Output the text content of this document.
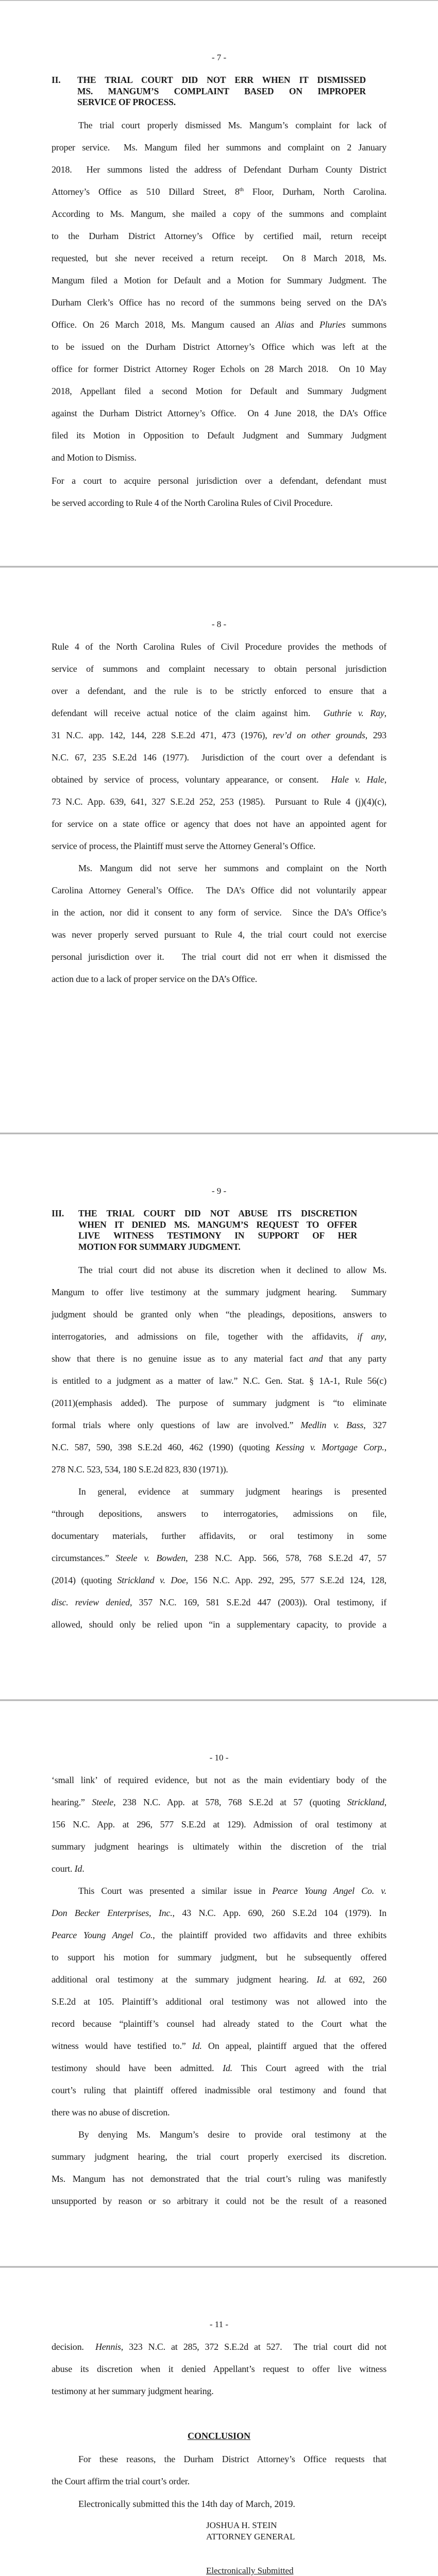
- 7 -
II. THE TRIAL COURT DID NOT ERR WHEN IT DISMISSED
MS. MANGUM’S COMPLAINT BASED ON IMPROPER
SERVICE OF PROCESS.
The trial court properly dismissed Ms. Mangum’s complaint for lack of
proper service.  Ms. Mangum filed her summons and complaint on 2 January
2018.  Her summons listed the address of Defendant Durham County District
Attorney’s Office as 510 Dillard Street, 8th Floor, Durham, North Carolina.
According to Ms. Mangum, she mailed a copy of the summons and complaint
to the Durham District Attorney’s Office by certified mail, return receipt
requested, but she never received a return receipt.  On 8 March 2018, Ms.
Mangum filed a Motion for Default and a Motion for Summary Judgment. The
Durham Clerk’s Office has no record of the summons being served on the DA’s
Office. On 26 March 2018, Ms. Mangum caused an Alias and Pluries summons
to be issued on the Durham District Attorney’s Office which was left at the
office for former District Attorney Roger Echols on 28 March 2018.  On 10 May
2018, Appellant filed a second Motion for Default and Summary Judgment
against the Durham District Attorney’s Office.  On 4 June 2018, the DA’s Office
filed its Motion in Opposition to Default Judgment and Summary Judgment
and Motion to Dismiss.
For a court to acquire personal jurisdiction over a defendant, defendant must
be served according to Rule 4 of the North Carolina Rules of Civil Procedure.
- 8 -
Rule 4 of the North Carolina Rules of Civil Procedure provides the methods of
service of summons and complaint necessary to obtain personal jurisdiction
over a defendant, and the rule is to be strictly enforced to ensure that a
defendant will receive actual notice of the claim against him.  Guthrie v. Ray,
31 N.C. app. 142, 144, 228 S.E.2d 471, 473 (1976), rev’d on other grounds, 293
N.C. 67, 235 S.E.2d 146 (1977).  Jurisdiction of the court over a defendant is
obtained by service of process, voluntary appearance, or consent.  Hale v. Hale,
73 N.C. App. 639, 641, 327 S.E.2d 252, 253 (1985).  Pursuant to Rule 4 (j)(4)(c),
for service on a state office or agency that does not have an appointed agent for
service of process, the Plaintiff must serve the Attorney General’s Office.
Ms. Mangum did not serve her summons and complaint on the North
Carolina Attorney General’s Office.  The DA’s Office did not voluntarily appear
in the action, nor did it consent to any form of service.  Since the DA’s Office’s
was never properly served pursuant to Rule 4, the trial court could not exercise
personal jurisdiction over it.   The trial court did not err when it dismissed the
action due to a lack of proper service on the DA’s Office.
- 9 -
III. THE TRIAL COURT DID NOT ABUSE ITS DISCRETION
WHEN IT DENIED MS. MANGUM’S REQUEST TO OFFER
LIVE WITNESS TESTIMONY IN SUPPORT OF HER
MOTION FOR SUMMARY JUDGMENT.
The trial court did not abuse its discretion when it declined to allow Ms.
Mangum to offer live testimony at the summary judgment hearing.  Summary
judgment should be granted only when “the pleadings, depositions, answers to
interrogatories, and admissions on file, together with the affidavits, if any,
show that there is no genuine issue as to any material fact and that any party
is entitled to a judgment as a matter of law.” N.C. Gen. Stat. § 1A-1, Rule 56(c)
(2011)(emphasis added). The purpose of summary judgment is “to eliminate
formal trials where only questions of law are involved.” Medlin v. Bass, 327
N.C. 587, 590, 398 S.E.2d 460, 462 (1990) (quoting Kessing v. Mortgage Corp.,
278 N.C. 523, 534, 180 S.E.2d 823, 830 (1971)).
In general, evidence at summary judgment hearings is presented
“through depositions, answers to interrogatories, admissions on file,
documentary materials, further affidavits, or oral testimony in some
circumstances.” Steele v. Bowden, 238 N.C. App. 566, 578, 768 S.E.2d 47, 57
(2014) (quoting Strickland v. Doe, 156 N.C. App. 292, 295, 577 S.E.2d 124, 128,
disc. review denied, 357 N.C. 169, 581 S.E.2d 447 (2003)). Oral testimony, if
allowed, should only be relied upon “in a supplementary capacity, to provide a
- 10 -
‘small link’ of required evidence, but not as the main evidentiary body of the
hearing.” Steele, 238 N.C. App. at 578, 768 S.E.2d at 57 (quoting Strickland,
156 N.C. App. at 296, 577 S.E.2d at 129). Admission of oral testimony at
summary judgment hearings is ultimately within the discretion of the trial
court. Id.
This Court was presented a similar issue in Pearce Young Angel Co. v.
Don Becker Enterprises, Inc., 43 N.C. App. 690, 260 S.E.2d 104 (1979). In
Pearce Young Angel Co., the plaintiff provided two affidavits and three exhibits
to support his motion for summary judgment, but he subsequently offered
additional oral testimony at the summary judgment hearing. Id. at 692, 260
S.E.2d at 105. Plaintiff’s additional oral testimony was not allowed into the
record because “plaintiff’s counsel had already stated to the Court what the
witness would have testified to.” Id. On appeal, plaintiff argued that the offered
testimony should have been admitted. Id. This Court agreed with the trial
court’s ruling that plaintiff offered inadmissible oral testimony and found that
there was no abuse of discretion.
By denying Ms. Mangum’s desire to provide oral testimony at the
summary judgment hearing, the trial court properly exercised its discretion.
Ms. Mangum has not demonstrated that the trial court’s ruling was manifestly
unsupported by reason or so arbitrary it could not be the result of a reasoned
- 11 -
decision.  Hennis, 323 N.C. at 285, 372 S.E.2d at 527.  The trial court did not
abuse its discretion when it denied Appellant’s request to offer live witness
testimony at her summary judgment hearing.
CONCLUSION
For these reasons, the Durham District Attorney’s Office requests that
the Court affirm the trial court’s order.
Electronically submitted this the 14th day of March, 2019.
JOSHUA H. STEIN
ATTORNEY GENERAL
Electronically Submitted
